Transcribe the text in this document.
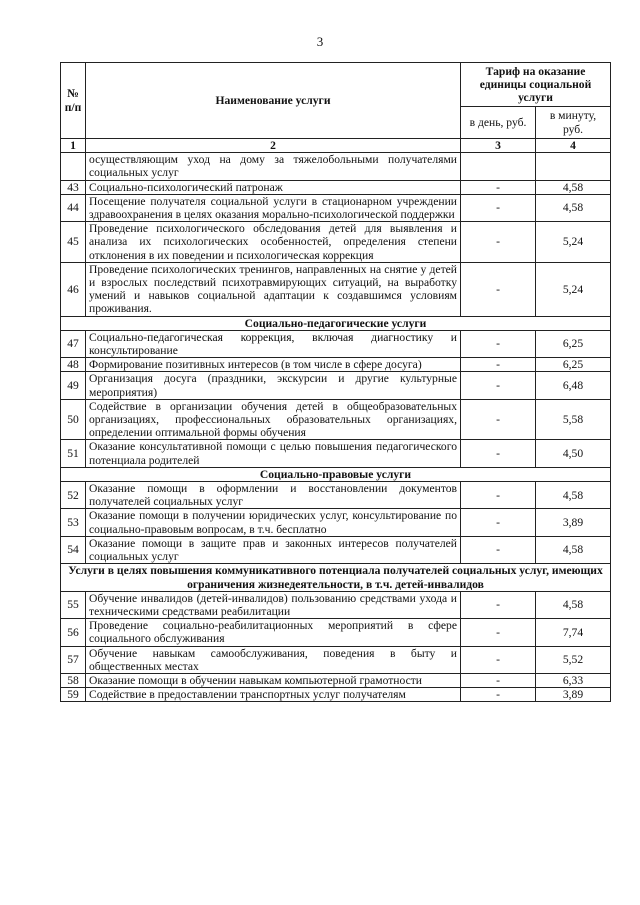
3
№ п/п	Наименование услуги	Тариф на оказание единицы социальной услуги	
		в день, руб.	в минуту, руб.
1	2	3	4
	осуществляющим уход на дому за тяжелобольными получателями социальных услуг		
43	Социально-психологический патронаж	-	4,58
44	Посещение получателя социальной услуги в стационарном учреждении здравоохранения в целях оказания морально-психологической поддержки	-	4,58
45	Проведение психологического обследования детей для выявления и анализа их психологических особенностей, определения степени отклонения в их поведении и психологическая коррекция	-	5,24
46	Проведение психологических тренингов, направленных на снятие у детей и взрослых последствий психотравмирующих ситуаций, на выработку умений и навыков социальной адаптации к создавшимся условиям проживания.	-	5,24
Социально-педагогические услуги			
47	Социально-педагогическая коррекция, включая диагностику и консультирование	-	6,25
48	Формирование позитивных интересов (в том числе в сфере досуга)	-	6,25
49	Организация досуга (праздники, экскурсии и другие культурные мероприятия)	-	6,48
50	Содействие в организации обучения детей в общеобразовательных организациях, профессиональных образовательных организациях, определении оптимальной формы обучения	-	5,58
51	Оказание консультативной помощи с целью повышения педагогического потенциала родителей	-	4,50
Социально-правовые услуги			
52	Оказание помощи в оформлении и восстановлении документов получателей социальных услуг	-	4,58
53	Оказание помощи в получении юридических услуг, консультирование по социально-правовым вопросам, в т.ч. бесплатно	-	3,89
54	Оказание помощи в защите прав и законных интересов получателей социальных услуг	-	4,58
Услуги в целях повышения коммуникативного потенциала получателей социальных услуг, имеющих ограничения жизнедеятельности, в т.ч. детей-инвалидов			
55	Обучение инвалидов (детей-инвалидов) пользованию средствами ухода и техническими средствами реабилитации	-	4,58
56	Проведение социально-реабилитационных мероприятий в сфере социального обслуживания	-	7,74
57	Обучение навыкам самообслуживания, поведения в быту и общественных местах	-	5,52
58	Оказание помощи в обучении навыкам компьютерной грамотности	-	6,33
59	Содействие в предоставлении транспортных услуг получателям	-	3,89
